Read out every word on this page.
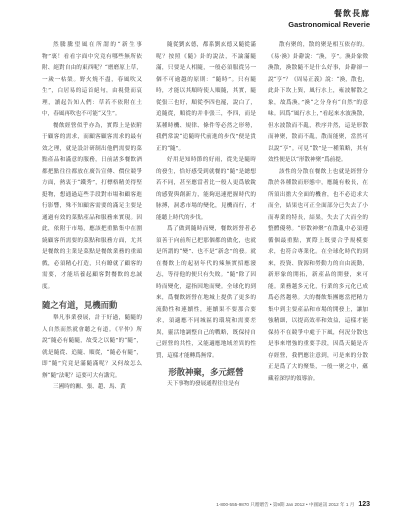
餐飲長廊
Gastronomical Reverie

然騰騰望風在所謂的“新生事物”裏！看看字面中究竟有哪些無所依附、絕對自由的東西呢？“磨磨原上草，一歲一枯榮。野火燒不盡，春風吹又生”，白居易的這首絕句，由視覺而哀理，讀起告知人們：草若不依附在土中，春風再吹也不可能“又生”。

餐飲經營似乎亦為，實際上是依附于顧客的需求，而顧客顧客需求的最有效之理，就是設計研制出他們需要的菜點產品和滿意的服務，日前諸多餐飲酒都把點往往都放在廣告宣傳、價位競爭方面，熱衷于“鐵秀”，打標格精美得堅挺物，想通過這些手段對市場和顧客進行影響，殊不知顧客需要的滿足主要是通過有效的菜點產品和服務來實現。因此，依附于市場，應該把重點集中在圍繞顧客所需要的菜點和服務方面，尤其是餐飲的主業是菜點是餐飲業務的重頭戲，必須精心打造，只有瞭就了顧客的需要，才能培養起顧客對餐飲的忠誠度。

隨之有道，見機而動

舉凡事業發展，計于好過，隨隨的人自然而然就會聽之有道。《平仲》所說“隨必有隨隨，故受之以隨”的“隨”，就是隨從、追隨、順從，“隨必有隨”，即“隨”究竟是滿隨滿呢？又何故怎么辦“隨”法呢？這要可大有講究。

三國時的關、張、趙、馬、黃

隨從劉玄德，都系劉玄德又隨從滿呢？按照《隨》卦的說法，不論滿隨滿，只要是人相隨，一般必須服從另一個不可逾越的原則：“隨時”。只有隨時，才能以其順時使人順隨，其實，隨從張三也好，順從李四也罷，說白了，追隨從，順從的并非張三，李四，而是某種時機、規律、條件等必然之形勢，我們常說“追隨時代前進的步伐”便是貴正的“隨”。

好用是知時節的好雨，從先是隨時的發生，恰好感受到就餐的“隨”是總想若不同，甚至應當者比一般人更爲敏銳的感覺與創新力，能夠迅速把握時代的脉搏，洞悉市場的變化，見機而行，才能聽上時代的步伐。

爲了做到隨時而變，餐飲經營者必須善于向前所已把那個都的做化，也就是所謂的“變”、也不是“新念”的發。就在餐飲上的起初年代的辣無實招應潑志，等待他的便只有失敗。“隨”除了因時而變化，還指因地而變。全球化的到來，爲餐飲經營在地城上提供了更多的流動性和連續性，連續果不要那合要求，須適應不同城區的環境和需要差異，靈活地調整自己的戰略，既保持自己經營的共性，又能適應地域差異的性質，這樣才能轉爲無常。

形散神聚，多元經營

天下事物的發展通程往往是有

散有聚的，散的聚是相互依存的。《易·渙》卦辭說：“渙，亨”。渙卦象徵渙散，渙散隨不是什么好事，卦辭卻一說“亨”？《周易正義》說：“渙，散也，此卦下坎上巽，風行水上，雍波解散之象，故爲渙，”渙“之分身有“自然”的意味。因爲“風行水上，”看起來水波渙散，但水波散而不亂，秩序井然，這是形散而神聚，散而不亂，散而能聚，當然可以說“亨”。可見“散”是一種策略，其有效性便是以“形散神聚”爲前提。

該性的分散在餐飲上也就是經營分散於各種散而形態中，應隨有較長，在所須出擔大全面的機會，也不必追求大而全，結果也可正全面部分已失去了小而專業的特長，結果，失去了大而全的整體優勢。“形散神聚”在散亂中必須遵循個最重點，實際上既要合乎規模要求，也符合專業化。在全球化時代的到來，投資、資源和勞動力的自由流動，新形象的開拓，新產品的開發，來可能。業務越多元化，行業的多元化已成爲必然趨勢。大的餐飲集團應當把精力集中到主要產品和市場的開發上，讓加強精細，以提高效率和效益，這樣才能保持不在競爭中處于下風，何況分散也是事來增強的重要手段，因爲天隨是否存經營，我們應注意到，可是來的分散正是爲了大的聚集，一般一聚之中，蘊藏着深厚的領導治。

1-800-555-9870 只贈贈告 • 第9期 Jan 2012 • 中國通訊 2012 年 1 月 123
